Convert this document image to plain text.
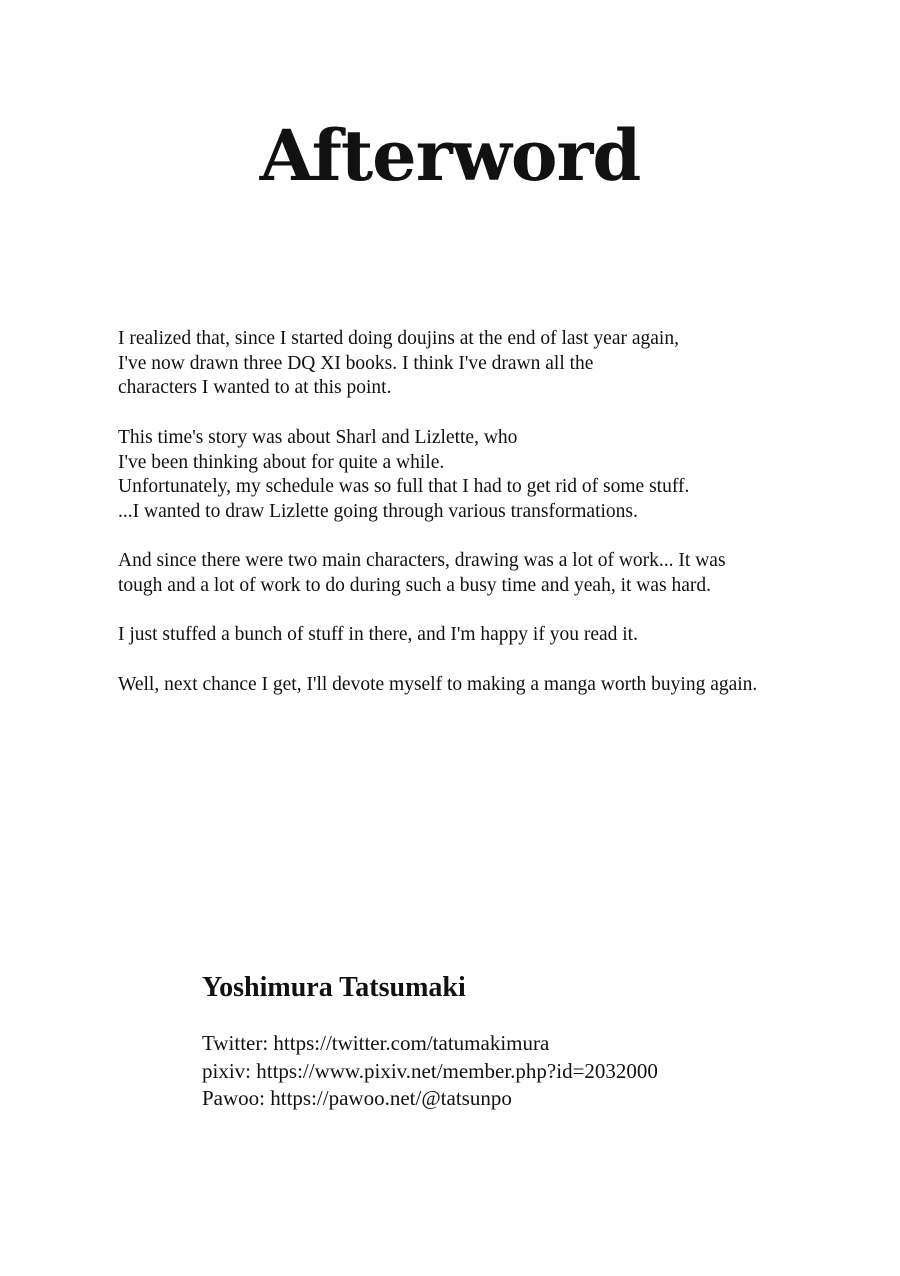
Afterword

I realized that, since I started doing doujins at the end of last year again,
I've now drawn three DQ XI books. I think I've drawn all the
characters I wanted to at this point.

This time's story was about Sharl and Lizlette, who
I've been thinking about for quite a while.
Unfortunately, my schedule was so full that I had to get rid of some stuff.
...I wanted to draw Lizlette going through various transformations.

And since there were two main characters, drawing was a lot of work... It was
tough and a lot of work to do during such a busy time and yeah, it was hard.

I just stuffed a bunch of stuff in there, and I'm happy if you read it.

Well, next chance I get, I'll devote myself to making a manga worth buying again.

Yoshimura Tatsumaki
Twitter: https://twitter.com/tatumakimura
pixiv: https://www.pixiv.net/member.php?id=2032000
Pawoo: https://pawoo.net/@tatsunpo
